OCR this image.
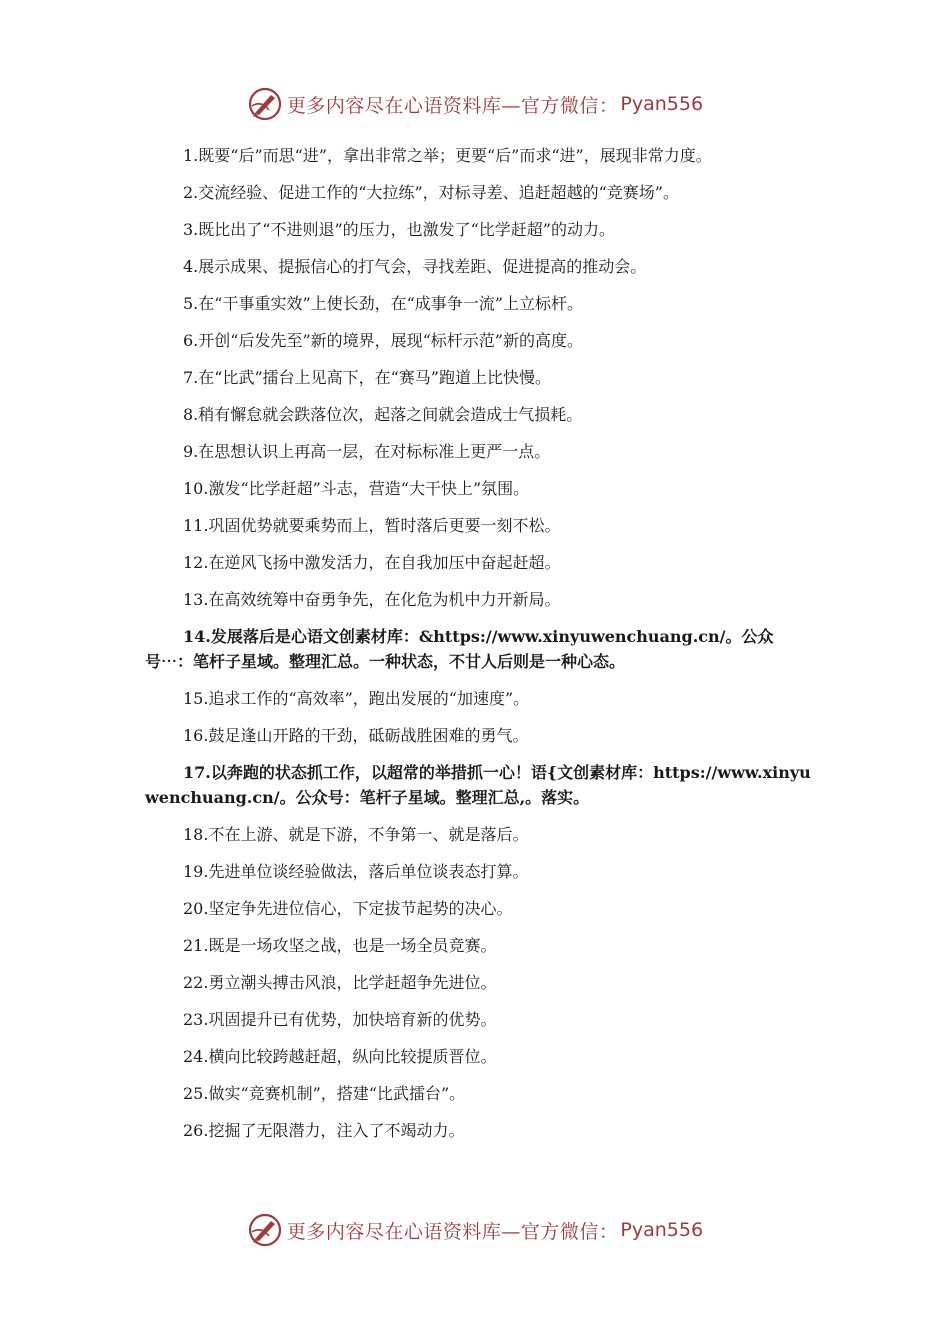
更多内容尽在心语资料库—官方微信： Pyan556

1.既要“后”而思“进”，拿出非常之举；更要“后”而求“进”，展现非常力度。

2.交流经验、促进工作的“大拉练”，对标寻差、追赶超越的“竞赛场”。

3.既比出了“不进则退”的压力，也激发了“比学赶超”的动力。

4.展示成果、提振信心的打气会，寻找差距、促进提高的推动会。

5.在“干事重实效”上使长劲，在“成事争一流”上立标杆。

6.开创“后发先至”新的境界，展现“标杆示范”新的高度。

7.在“比武”擂台上见高下，在“赛马”跑道上比快慢。

8.稍有懈怠就会跌落位次，起落之间就会造成士气损耗。

9.在思想认识上再高一层，在对标标准上更严一点。

10.激发“比学赶超”斗志，营造“大干快上”氛围。

11.巩固优势就要乘势而上，暂时落后更要一刻不松。

12.在逆风飞扬中激发活力，在自我加压中奋起赶超。

13.在高效统筹中奋勇争先，在化危为机中力开新局。

14.发展落后是心语文创素材库：&https://www.xinyuwenchuang.cn/。公众号⋯：笔杆子星域。整理汇总。一种状态，不甘人后则是一种心态。

15.追求工作的“高效率”，跑出发展的“加速度”。

16.鼓足逢山开路的干劲，砥砺战胜困难的勇气。

17.以奔跑的状态抓工作，以超常的举措抓一心！语{文创素材库：https://www.xinyuwenchuang.cn/。公众号：笔杆子星域。整理汇总,。落实。

18.不在上游、就是下游，不争第一、就是落后。

19.先进单位谈经验做法，落后单位谈表态打算。

20.坚定争先进位信心，下定拔节起势的决心。

21.既是一场攻坚之战，也是一场全员竞赛。

22.勇立潮头搏击风浪，比学赶超争先进位。

23.巩固提升已有优势，加快培育新的优势。

24.横向比较跨越赶超，纵向比较提质晋位。

25.做实“竞赛机制”，搭建“比武擂台”。

26.挖掘了无限潜力，注入了不竭动力。

更多内容尽在心语资料库—官方微信： Pyan556
